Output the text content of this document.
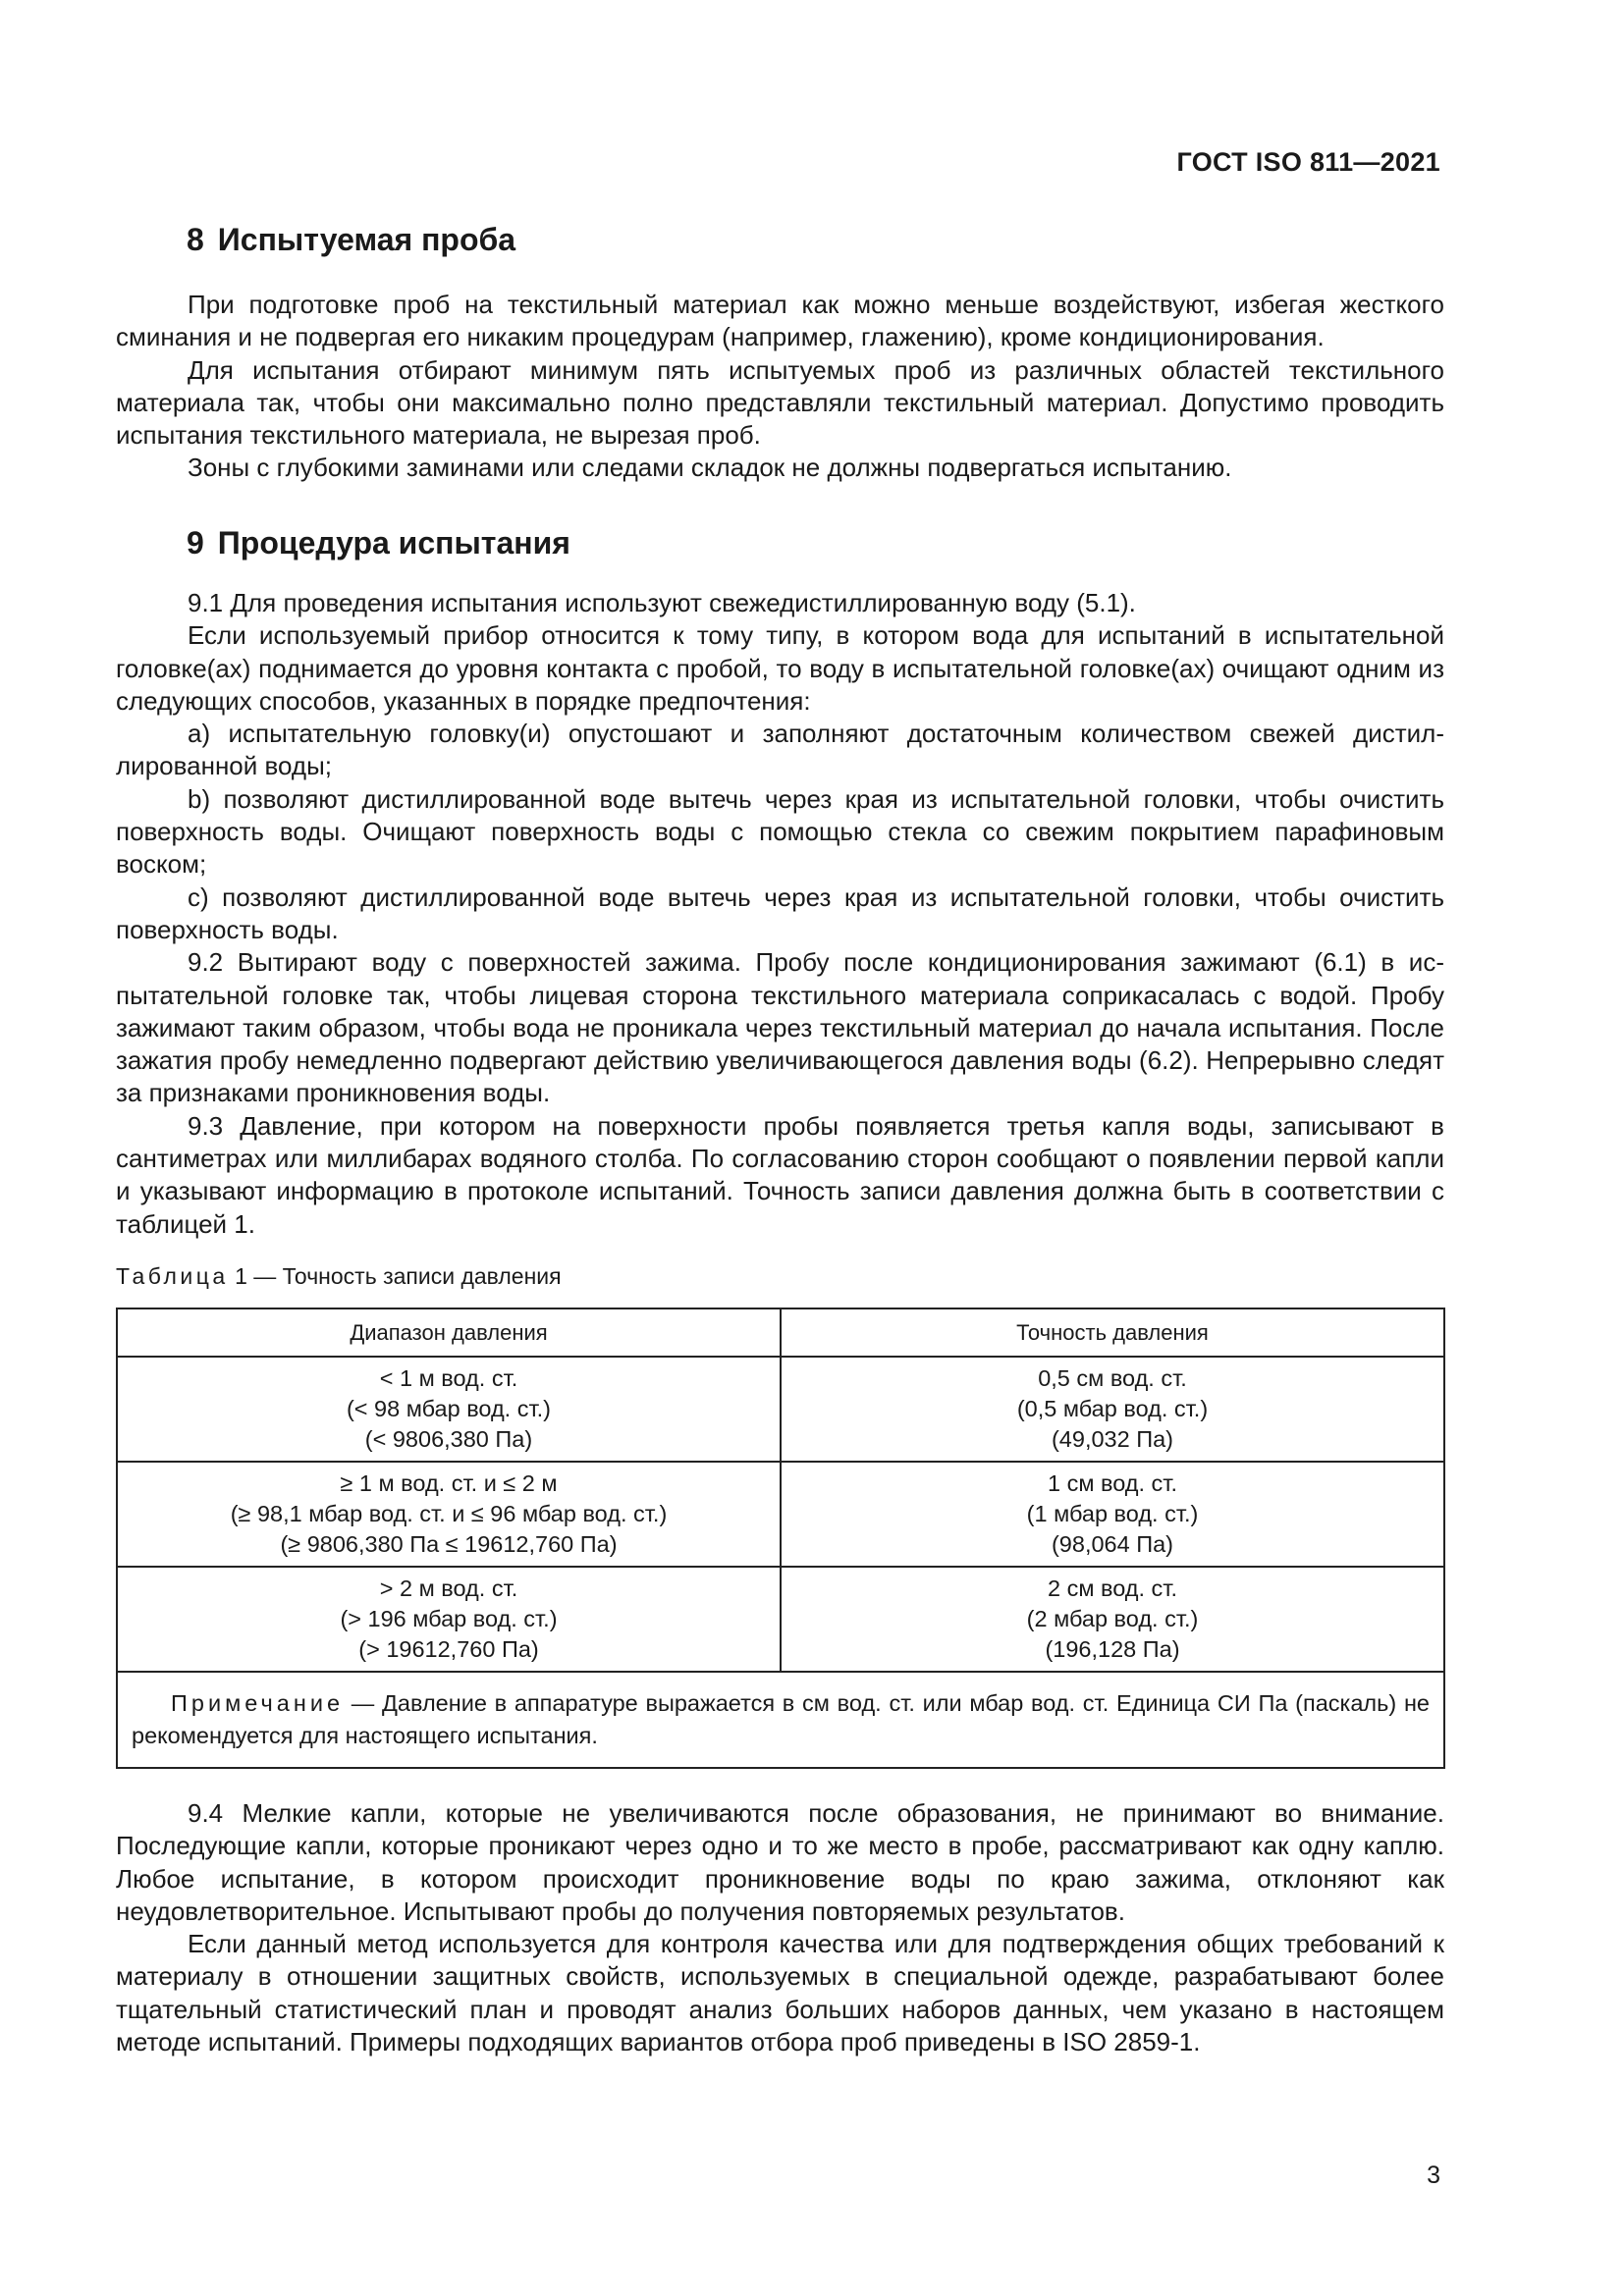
ГОСТ ISO 811—2021
8 Испытуемая проба

При подготовке проб на текстильный материал как можно меньше воздействуют, избегая жесткого сминания и не подвергая его никаким процедурам (например, глажению), кроме кондиционирования.

Для испытания отбирают минимум пять испытуемых проб из различных областей текстильного материала так, чтобы они максимально полно представляли текстильный материал. Допустимо проводить испытания текстильного материала, не вырезая проб.

Зоны с глубокими заминами или следами складок не должны подвергаться испытанию.

9 Процедура испытания

9.1 Для проведения испытания используют свежедистиллированную воду (5.1).

Если используемый прибор относится к тому типу, в котором вода для испытаний в испытательной головке(ах) поднимается до уровня контакта с пробой, то воду в испытательной головке(ах) очищают одним из следующих способов, указанных в порядке предпочтения:

a) испытательную головку(и) опустошают и заполняют достаточным количеством свежей дистиллированной воды;

b) позволяют дистиллированной воде вытечь через края из испытательной головки, чтобы очистить поверхность воды. Очищают поверхность воды с помощью стекла со свежим покрытием парафиновым воском;

c) позволяют дистиллированной воде вытечь через края из испытательной головки, чтобы очистить поверхность воды.

9.2 Вытирают воду с поверхностей зажима. Пробу после кондиционирования зажимают (6.1) в испытательной головке так, чтобы лицевая сторона текстильного материала соприкасалась с водой. Пробу зажимают таким образом, чтобы вода не проникала через текстильный материал до начала испытания. После зажатия пробу немедленно подвергают действию увеличивающегося давления воды (6.2). Непрерывно следят за признаками проникновения воды.

9.3 Давление, при котором на поверхности пробы появляется третья капля воды, записывают в сантиметрах или миллибарах водяного столба. По согласованию сторон сообщают о появлении первой капли и указывают информацию в протоколе испытаний. Точность записи давления должна быть в соответствии с таблицей 1.

Таблица 1 — Точность записи давления
Диапазон давления	Точность давления

< 1 м вод. ст.
(< 98 мбар вод. ст.)
(< 9806,380 Па)	0,5 см вод. ст.
(0,5 мбар вод. ст.)
(49,032 Па)

≥ 1 м вод. ст. и ≤ 2 м
(≥ 98,1 мбар вод. ст. и ≤ 96 мбар вод. ст.)
(≥ 9806,380 Па ≤ 19612,760 Па)	1 см вод. ст.
(1 мбар вод. ст.)
(98,064 Па)

> 2 м вод. ст.
(> 196 мбар вод. ст.)
(> 19612,760 Па)	2 см вод. ст.
(2 мбар вод. ст.)
(196,128 Па)

Примечание — Давление в аппаратуре выражается в см вод. ст. или мбар вод. ст. Единица СИ Па (паскаль) не рекомендуется для настоящего испытания.	

9.4 Мелкие капли, которые не увеличиваются после образования, не принимают во внимание. Последующие капли, которые проникают через одно и то же место в пробе, рассматривают как одну каплю. Любое испытание, в котором происходит проникновение воды по краю зажима, отклоняют как неудовлетворительное. Испытывают пробы до получения повторяемых результатов.

Если данный метод используется для контроля качества или для подтверждения общих требований к материалу в отношении защитных свойств, используемых в специальной одежде, разрабатывают более тщательный статистический план и проводят анализ больших наборов данных, чем указано в настоящем методе испытаний. Примеры подходящих вариантов отбора проб приведены в ISO 2859-1.

3
